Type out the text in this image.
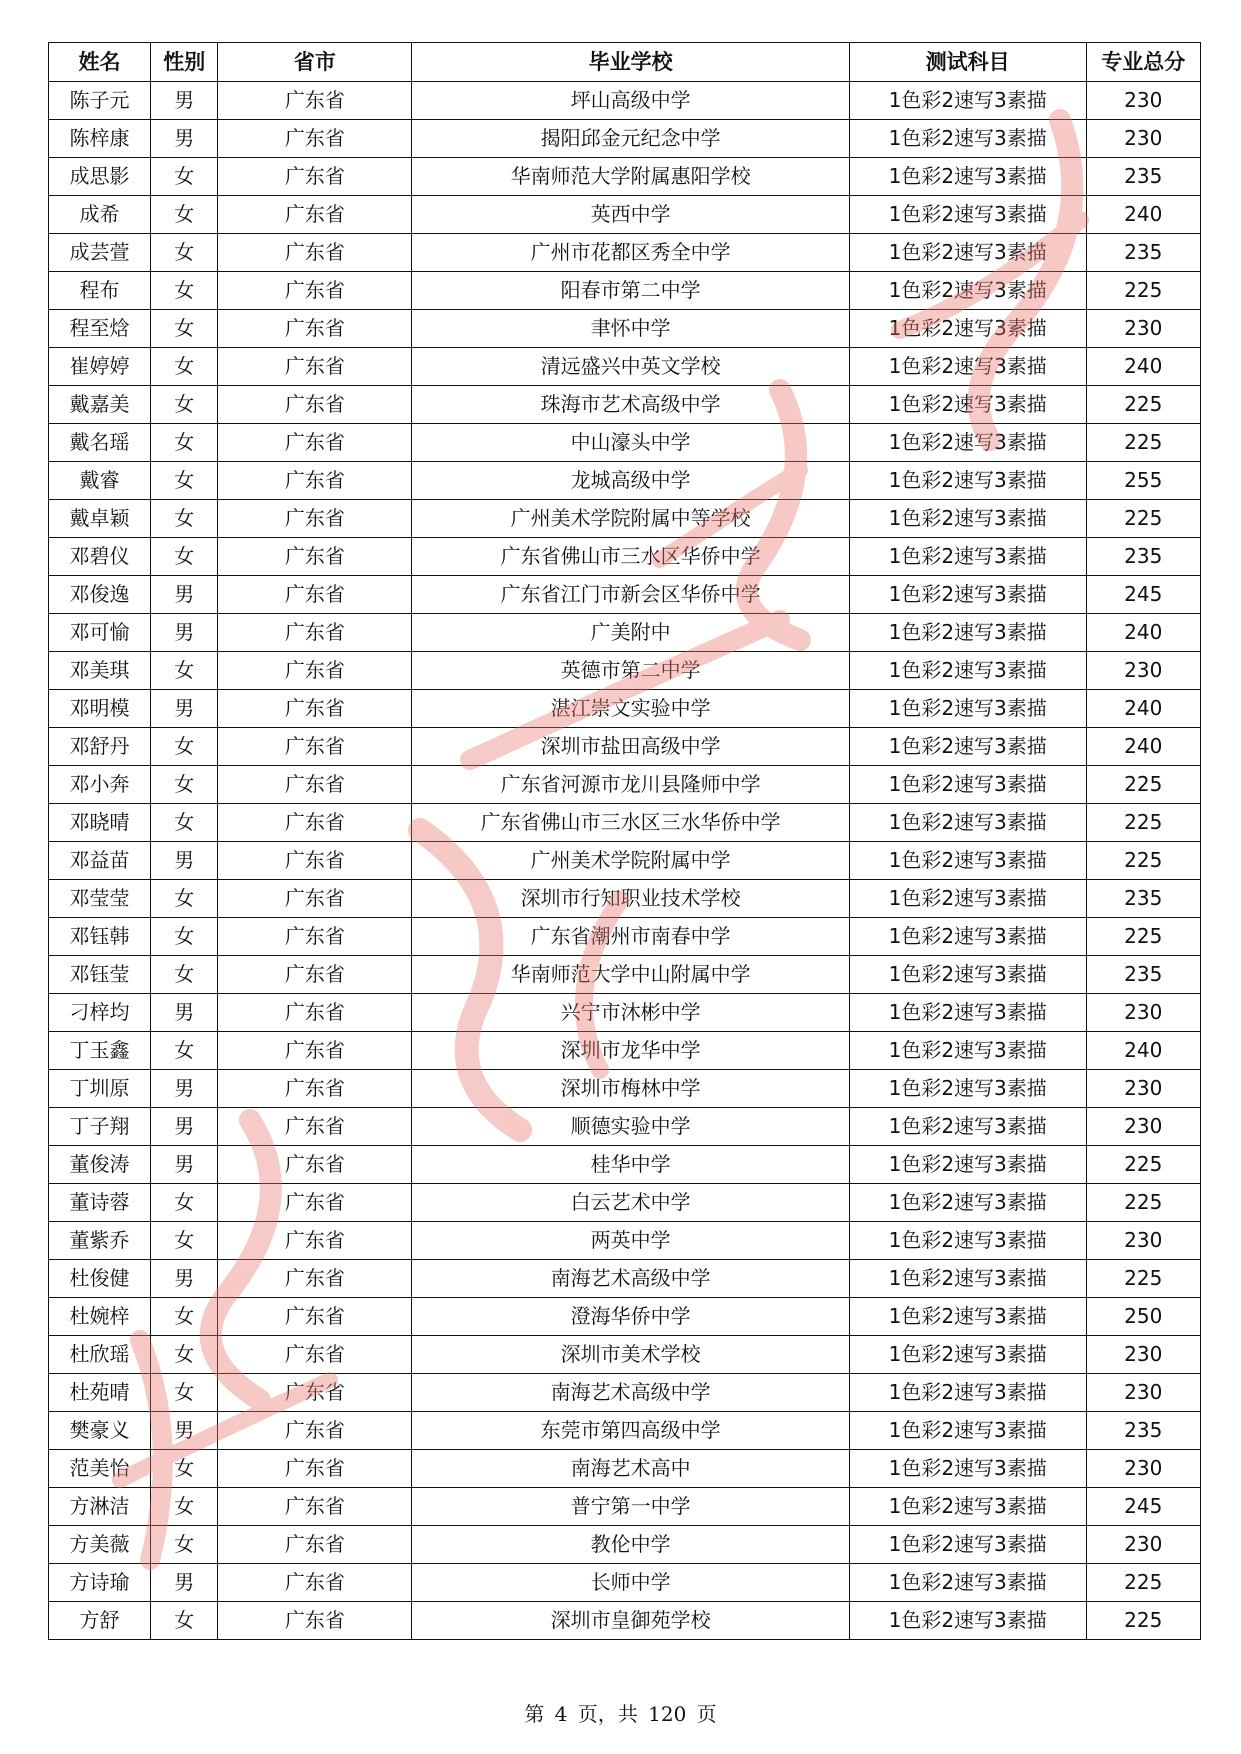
姓名	性别	省市	毕业学校	测试科目	专业总分
陈子元	男	广东省	坪山高级中学	1色彩2速写3素描	230
陈梓康	男	广东省	揭阳邱金元纪念中学	1色彩2速写3素描	230
成思影	女	广东省	华南师范大学附属惠阳学校	1色彩2速写3素描	235
成希	女	广东省	英西中学	1色彩2速写3素描	240
成芸萱	女	广东省	广州市花都区秀全中学	1色彩2速写3素描	235
程布	女	广东省	阳春市第二中学	1色彩2速写3素描	225
程至焓	女	广东省	聿怀中学	1色彩2速写3素描	230
崔婷婷	女	广东省	清远盛兴中英文学校	1色彩2速写3素描	240
戴嘉美	女	广东省	珠海市艺术高级中学	1色彩2速写3素描	225
戴名瑶	女	广东省	中山濠头中学	1色彩2速写3素描	225
戴睿	女	广东省	龙城高级中学	1色彩2速写3素描	255
戴卓颖	女	广东省	广州美术学院附属中等学校	1色彩2速写3素描	225
邓碧仪	女	广东省	广东省佛山市三水区华侨中学	1色彩2速写3素描	235
邓俊逸	男	广东省	广东省江门市新会区华侨中学	1色彩2速写3素描	245
邓可愉	男	广东省	广美附中	1色彩2速写3素描	240
邓美琪	女	广东省	英德市第二中学	1色彩2速写3素描	230
邓明模	男	广东省	湛江崇文实验中学	1色彩2速写3素描	240
邓舒丹	女	广东省	深圳市盐田高级中学	1色彩2速写3素描	240
邓小奔	女	广东省	广东省河源市龙川县隆师中学	1色彩2速写3素描	225
邓晓晴	女	广东省	广东省佛山市三水区三水华侨中学	1色彩2速写3素描	225
邓益苗	男	广东省	广州美术学院附属中学	1色彩2速写3素描	225
邓莹莹	女	广东省	深圳市行知职业技术学校	1色彩2速写3素描	235
邓钰韩	女	广东省	广东省潮州市南春中学	1色彩2速写3素描	225
邓钰莹	女	广东省	华南师范大学中山附属中学	1色彩2速写3素描	235
刁梓均	男	广东省	兴宁市沐彬中学	1色彩2速写3素描	230
丁玉鑫	女	广东省	深圳市龙华中学	1色彩2速写3素描	240
丁圳原	男	广东省	深圳市梅林中学	1色彩2速写3素描	230
丁子翔	男	广东省	顺德实验中学	1色彩2速写3素描	230
董俊涛	男	广东省	桂华中学	1色彩2速写3素描	225
董诗蓉	女	广东省	白云艺术中学	1色彩2速写3素描	225
董紫乔	女	广东省	两英中学	1色彩2速写3素描	230
杜俊健	男	广东省	南海艺术高级中学	1色彩2速写3素描	225
杜婉梓	女	广东省	澄海华侨中学	1色彩2速写3素描	250
杜欣瑶	女	广东省	深圳市美术学校	1色彩2速写3素描	230
杜苑晴	女	广东省	南海艺术高级中学	1色彩2速写3素描	230
樊豪义	男	广东省	东莞市第四高级中学	1色彩2速写3素描	235
范美怡	女	广东省	南海艺术高中	1色彩2速写3素描	230
方淋洁	女	广东省	普宁第一中学	1色彩2速写3素描	245
方美薇	女	广东省	教伦中学	1色彩2速写3素描	230
方诗瑜	男	广东省	长师中学	1色彩2速写3素描	225
方舒	女	广东省	深圳市皇御苑学校	1色彩2速写3素描	225
第 4 页，共 120 页
